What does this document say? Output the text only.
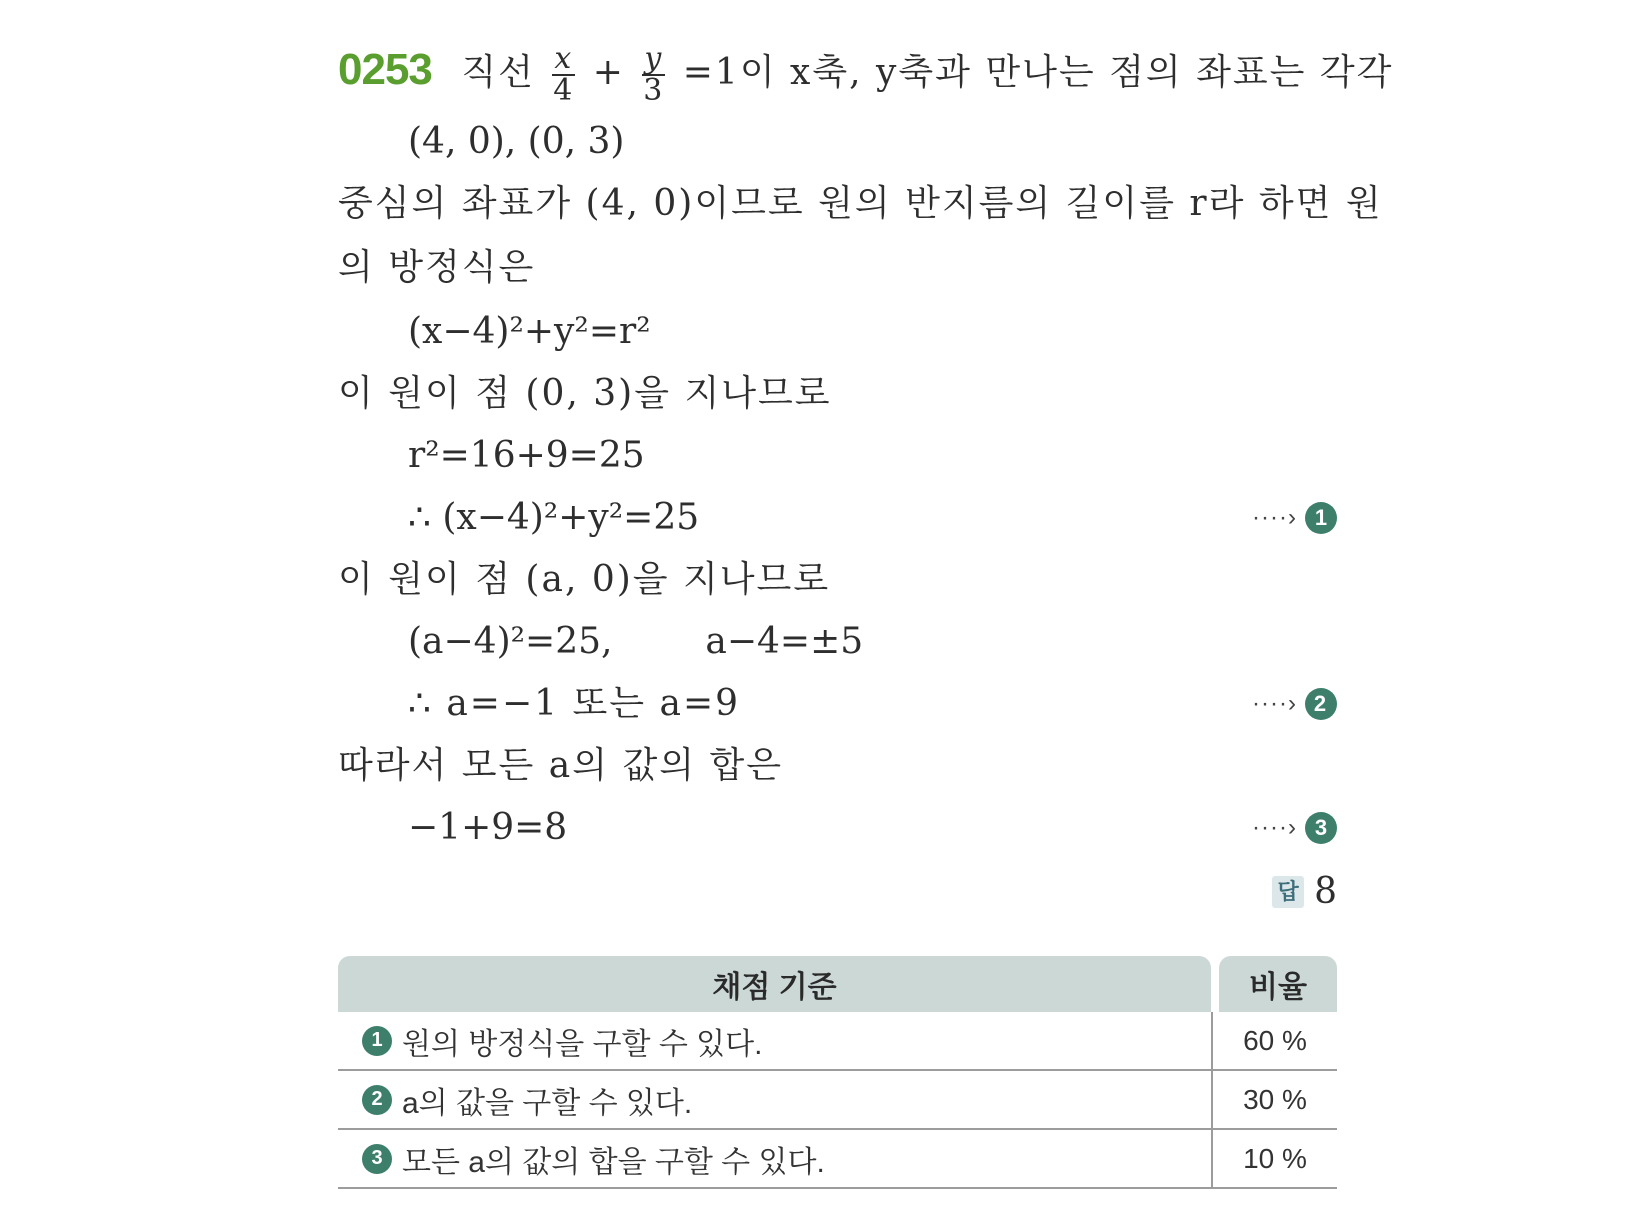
0253 직선 $\frac{x}{4} + \frac{y}{3} =1$이 x축, y축과 만나는 점의 좌표는 각각
(4, 0), (0, 3)
중심의 좌표가 (4, 0)이므로 원의 반지름의 길이를 r라 하면 원
의 방정식은
(x−4)²+y²=r²
이 원이 점 (0, 3)을 지나므로
r²=16+9=25
∴ (x−4)²+y²=25	····› 1
이 원이 점 (a, 0)을 지나므로
(a−4)²=25,	a−4=±5
∴ a=−1 또는 a=9	····› 2
따라서 모든 a의 값의 합은
−1+9=8	····› 3
답 8
채점 기준	비율
1 원의 방정식을 구할 수 있다.	60 %
2 a의 값을 구할 수 있다.	30 %
3 모든 a의 값의 합을 구할 수 있다.	10 %
